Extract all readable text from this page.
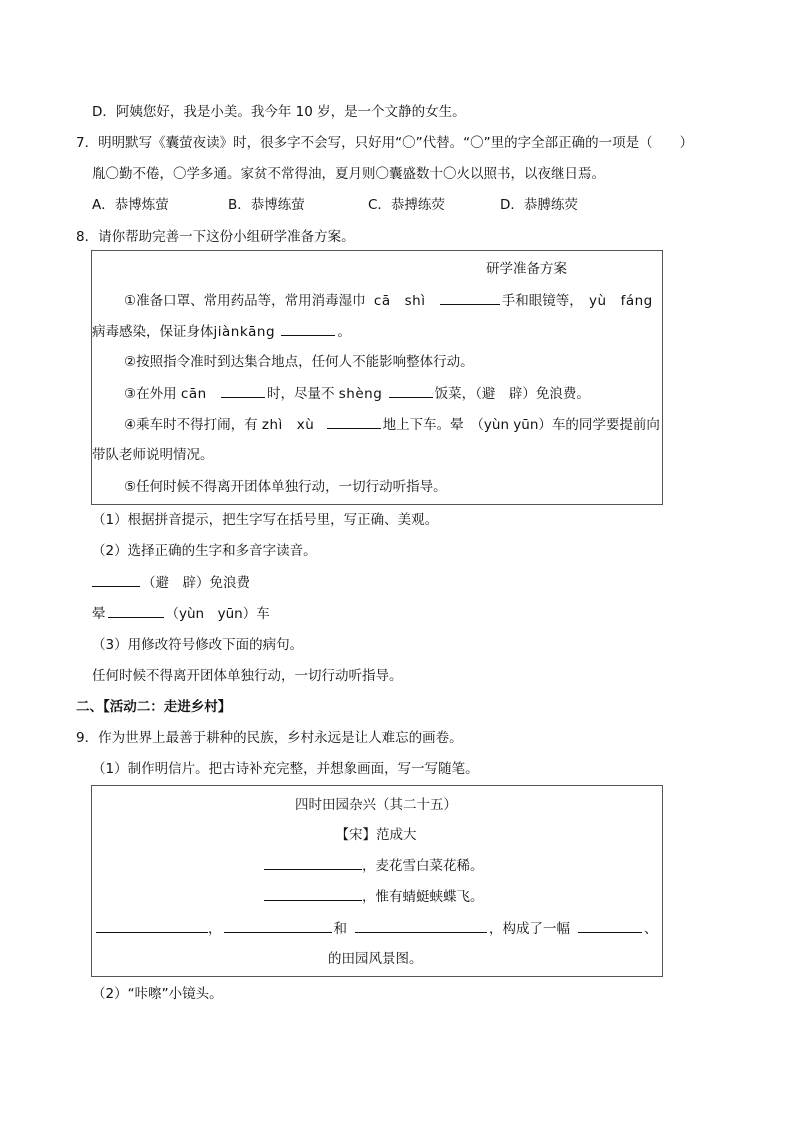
D．阿姨您好，我是小美。我今年 10 岁，是一个文静的女生。
7．明明默写《囊萤夜读》时，很多字不会写，只好用“〇”代替。“〇”里的字全部正确的一项是（　　）
胤〇勤不倦，〇学多通。家贫不常得油，夏月则〇囊盛数十〇火以照书，以夜继日焉。
A．恭博炼萤	B．恭博练萤	C．恭搏练荧	D．恭膊练荧
8．请你帮助完善一下这份小组研学准备方案。
研学准备方案
①准备口罩、常用药品等，常用消毒湿巾 cā　shì	手和眼镜等， yù　fáng
病毒感染，保证身体jiànkāng	。
②按照指令准时到达集合地点，任何人不能影响整体行动。
③在外用 cān	时，尽量不 shèng	饭菜，（避　辟）免浪费。
④乘车时不得打闹，有 zhì　xù	地上下车。晕　（yùn yūn）车的同学要提前向
带队老师说明情况。
⑤任何时候不得离开团体单独行动，一切行动听指导。
（1）根据拼音提示，把生字写在括号里，写正确、美观。
（2）选择正确的生字和多音字读音。
（避　辟）免浪费
晕	（yùn　yūn）车
（3）用修改符号修改下面的病句。
任何时候不得离开团体单独行动，一切行动听指导。
二、【活动二：走进乡村】
9．作为世界上最善于耕种的民族，乡村永远是让人难忘的画卷。
（1）制作明信片。把古诗补充完整，并想象画面，写一写随笔。
四时田园杂兴（其二十五）
【宋】范成大
，麦花雪白菜花稀。
，惟有蜻蜓蛱蝶飞。
，	和	，构成了一幅	、
的田园风景图。
（2）“咔嚓”小镜头。
